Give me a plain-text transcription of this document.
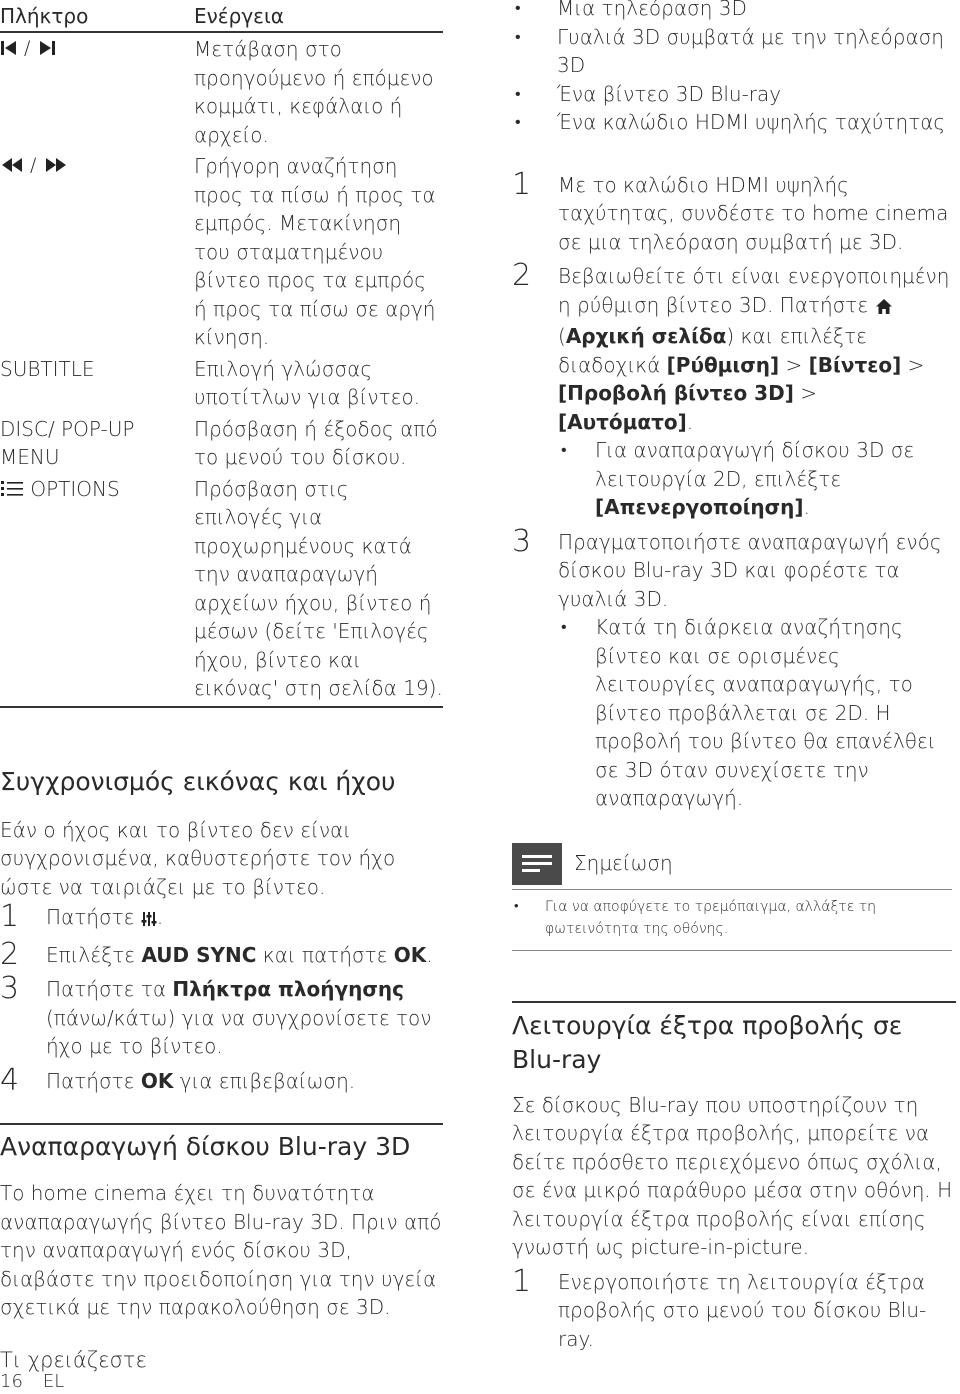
Πλήκτρο	Ενέργεια

/	Μετάβαση στο προηγούμενο ή επόμενο κομμάτι, κεφάλαιο ή αρχείο.

/	Γρήγορη αναζήτηση προς τα πίσω ή προς τα εμπρός. Μετακίνηση του σταματημένου βίντεο προς τα εμπρός ή προς τα πίσω σε αργή κίνηση.
SUBTITLE	Επιλογή γλώσσας υποτίτλων για βίντεο.
DISC/ POP-UP MENU	Πρόσβαση ή έξοδος από το μενού του δίσκου.
OPTIONS	Πρόσβαση στις επιλογές για προχωρημένους κατά την αναπαραγωγή αρχείων ήχου, βίντεο ή μέσων (δείτε 'Επιλογές ήχου, βίντεο και εικόνας' στη σελίδα 19).
Συγχρονισμός εικόνας και ήχου

Εάν ο ήχος και το βίντεο δεν είναι συγχρονισμένα, καθυστερήστε τον ήχο ώστε να ταιριάζει με το βίντεο.

1 Πατήστε .
2 Επιλέξτε AUD SYNC και πατήστε OK.
3 Πατήστε τα Πλήκτρα πλοήγησης (πάνω/κάτω) για να συγχρονίσετε τον ήχο με το βίντεο.
4 Πατήστε OK για επιβεβαίωση.
Αναπαραγωγή δίσκου Blu-ray 3D

Το home cinema έχει τη δυνατότητα αναπαραγωγής βίντεο Blu-ray 3D. Πριν από την αναπαραγωγή ενός δίσκου 3D, διαβάστε την προειδοποίηση για την υγεία σχετικά με την παρακολούθηση σε 3D.

Τι χρειάζεστε

• Μια τηλεόραση 3D
• Γυαλιά 3D συμβατά με την τηλεόραση 3D
• Ένα βίντεο 3D Blu-ray
• Ένα καλώδιο HDMI υψηλής ταχύτητας
1 Με το καλώδιο HDMI υψηλής ταχύτητας, συνδέστε το home cinema σε μια τηλεόραση συμβατή με 3D.
2 Βεβαιωθείτε ότι είναι ενεργοποιημένη η ρύθμιση βίντεο 3D. Πατήστε
(Αρχική σελίδα) και επιλέξτε διαδοχικά [Ρύθμιση] > [Βίντεο] > [Προβολή βίντεο 3D] > [Αυτόματο].
• Για αναπαραγωγή δίσκου 3D σε λειτουργία 2D, επιλέξτε [Απενεργοποίηση].
3 Πραγματοποιήστε αναπαραγωγή ενός δίσκου Blu-ray 3D και φορέστε τα γυαλιά 3D.
• Κατά τη διάρκεια αναζήτησης βίντεο και σε ορισμένες λειτουργίες αναπαραγωγής, το βίντεο προβάλλεται σε 2D. Η προβολή του βίντεο θα επανέλθει σε 3D όταν συνεχίσετε την αναπαραγωγή.
Σημείωση
• Για να αποφύγετε το τρεμόπαιγμα, αλλάξτε τη φωτεινότητα της οθόνης.
Λειτουργία έξτρα προβολής σε Blu-ray

Σε δίσκους Blu-ray που υποστηρίζουν τη λειτουργία έξτρα προβολής, μπορείτε να δείτε πρόσθετο περιεχόμενο όπως σχόλια, σε ένα μικρό παράθυρο μέσα στην οθόνη. Η λειτουργία έξτρα προβολής είναι επίσης γνωστή ως picture-in-picture.

1 Ενεργοποιήστε τη λειτουργία έξτρα προβολής στο μενού του δίσκου Blu-ray.
16 EL
